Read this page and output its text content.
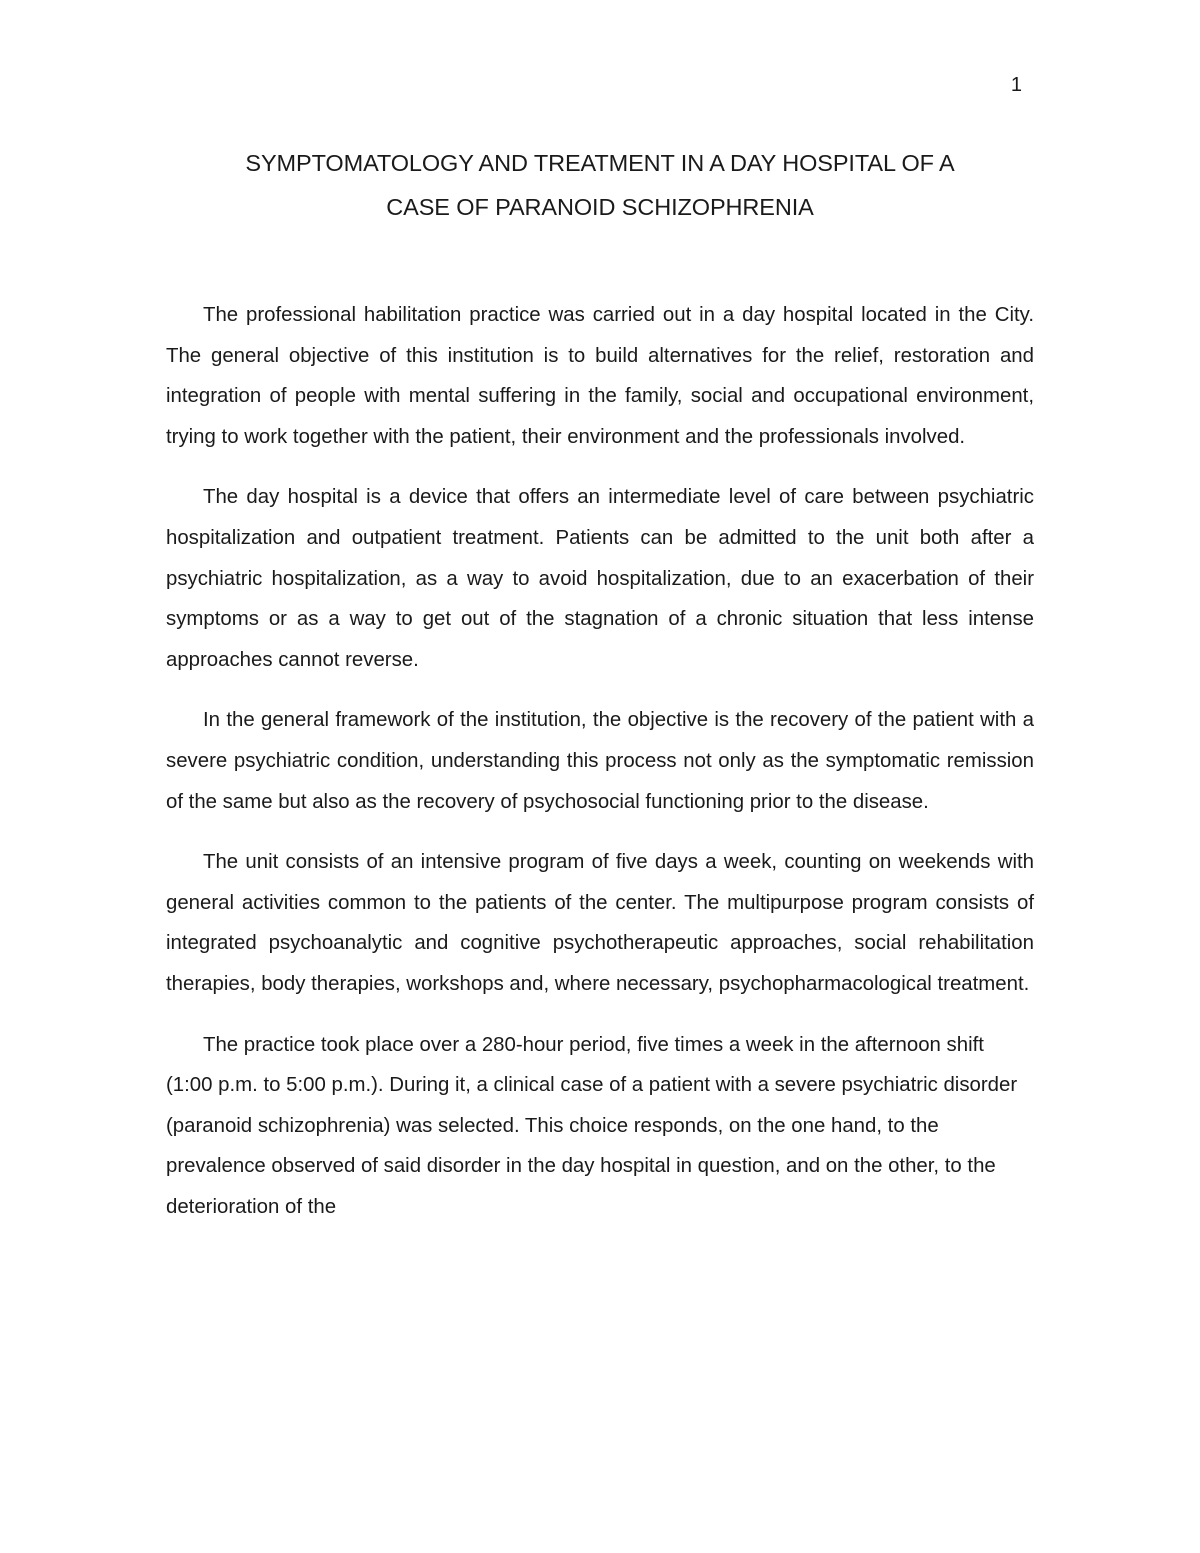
1
SYMPTOMATOLOGY AND TREATMENT IN A DAY HOSPITAL OF A
CASE OF PARANOID SCHIZOPHRENIA

The professional habilitation practice was carried out in a day hospital located in the City. The general objective of this institution is to build alternatives for the relief, restoration and integration of people with mental suffering in the family, social and occupational environment, trying to work together with the patient, their environment and the professionals involved.

The day hospital is a device that offers an intermediate level of care between psychiatric hospitalization and outpatient treatment. Patients can be admitted to the unit both after a psychiatric hospitalization, as a way to avoid hospitalization, due to an exacerbation of their symptoms or as a way to get out of the stagnation of a chronic situation that less intense approaches cannot reverse.

In the general framework of the institution, the objective is the recovery of the patient with a severe psychiatric condition, understanding this process not only as the symptomatic remission of the same but also as the recovery of psychosocial functioning prior to the disease.

The unit consists of an intensive program of five days a week, counting on weekends with general activities common to the patients of the center. The multipurpose program consists of integrated psychoanalytic and cognitive psychotherapeutic approaches, social rehabilitation therapies, body therapies, workshops and, where necessary, psychopharmacological treatment.

The practice took place over a 280-hour period, five times a week in the afternoon shift (1:00 p.m. to 5:00 p.m.). During it, a clinical case of a patient with a severe psychiatric disorder (paranoid schizophrenia) was selected. This choice responds, on the one hand, to the prevalence observed of said disorder in the day hospital in question, and on the other, to the deterioration of the
